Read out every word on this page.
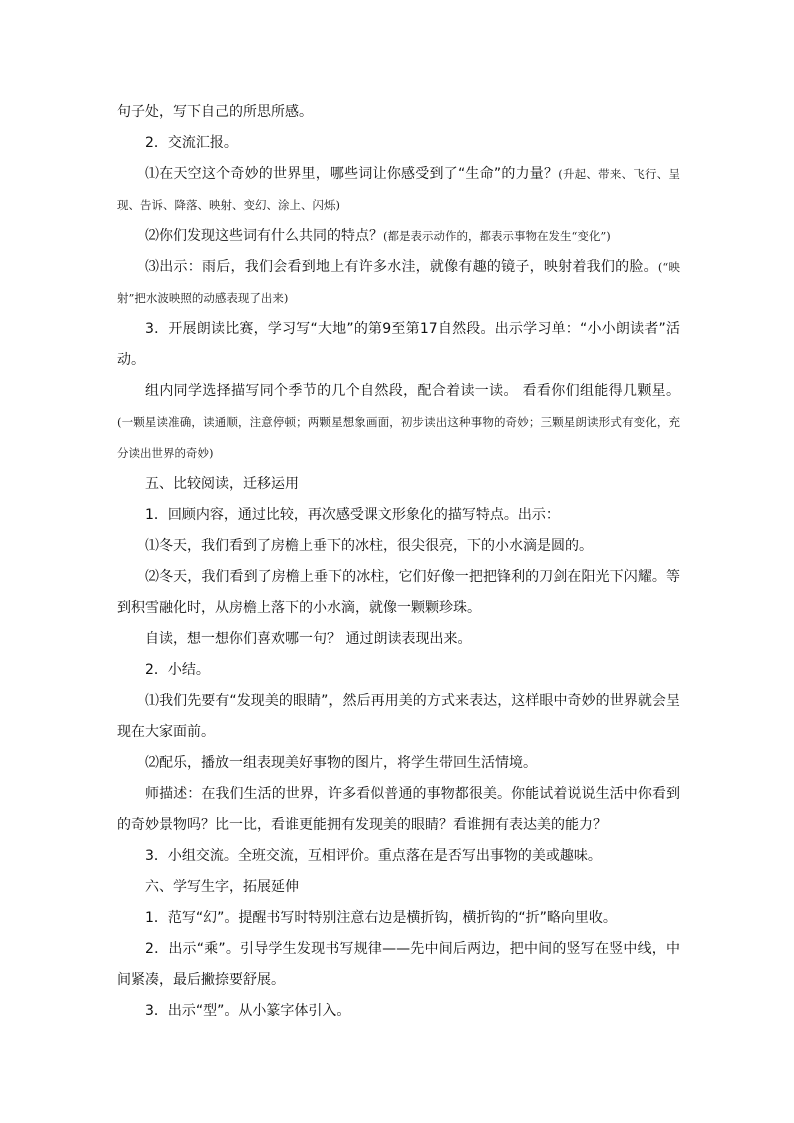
句子处，写下自己的所思所感。

2．交流汇报。

⑴在天空这个奇妙的世界里，哪些词让你感受到了“生命”的力量？(升起、带来、飞行、呈现、告诉、降落、映射、变幻、涂上、闪烁)

⑵你们发现这些词有什么共同的特点？(都是表示动作的，都表示事物在发生“变化”)

⑶出示：雨后，我们会看到地上有许多水洼，就像有趣的镜子，映射着我们的脸。(“映射”把水波映照的动感表现了出来)

3．开展朗读比赛，学习写“大地”的第9至第17自然段。出示学习单：“小小朗读者”活动。

组内同学选择描写同个季节的几个自然段，配合着读一读。 看看你们组能得几颗星。(一颗星读准确，读通顺，注意停顿；两颗星想象画面，初步读出这种事物的奇妙；三颗星朗读形式有变化，充分读出世界的奇妙)

五、比较阅读，迁移运用

1．回顾内容，通过比较，再次感受课文形象化的描写特点。出示：

⑴冬天，我们看到了房檐上垂下的冰柱，很尖很亮，下的小水滴是圆的。

⑵冬天，我们看到了房檐上垂下的冰柱，它们好像一把把锋利的刀剑在阳光下闪耀。等到积雪融化时，从房檐上落下的小水滴，就像一颗颗珍珠。

自读，想一想你们喜欢哪一句？ 通过朗读表现出来。

2．小结。

⑴我们先要有“发现美的眼睛”，然后再用美的方式来表达，这样眼中奇妙的世界就会呈现在大家面前。

⑵配乐，播放一组表现美好事物的图片，将学生带回生活情境。

师描述：在我们生活的世界，许多看似普通的事物都很美。你能试着说说生活中你看到的奇妙景物吗？比一比，看谁更能拥有发现美的眼睛？看谁拥有表达美的能力？

3．小组交流。全班交流，互相评价。重点落在是否写出事物的美或趣味。

六、学写生字，拓展延伸

1．范写“幻”。提醒书写时特别注意右边是横折钩，横折钩的“折”略向里收。

2．出示“乘”。引导学生发现书写规律——先中间后两边，把中间的竖写在竖中线，中间紧凑，最后撇捺要舒展。

3．出示“型”。从小篆字体引入。
